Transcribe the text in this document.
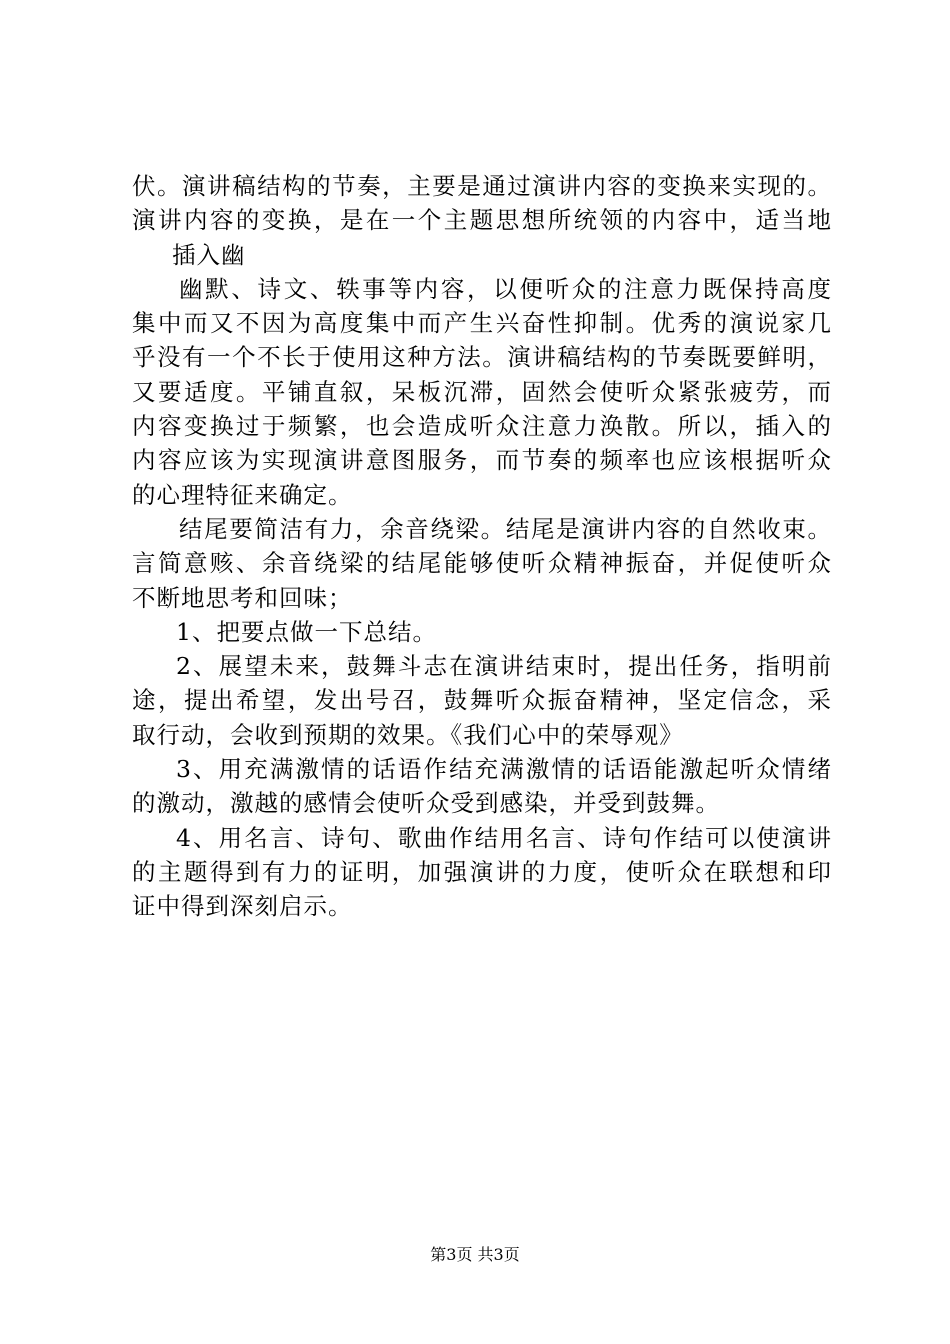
伏。演讲稿结构的节奏，主要是通过演讲内容的变换来实现的。
演讲内容的变换，是在一个主题思想所统领的内容中，适当地
插入幽
幽默、诗文、轶事等内容，以便听众的注意力既保持高度
集中而又不因为高度集中而产生兴奋性抑制。优秀的演说家几
乎没有一个不长于使用这种方法。演讲稿结构的节奏既要鲜明，
又要适度。平铺直叙，呆板沉滞，固然会使听众紧张疲劳，而
内容变换过于频繁，也会造成听众注意力涣散。所以，插入的
内容应该为实现演讲意图服务，而节奏的频率也应该根据听众
的心理特征来确定。
结尾要简洁有力，余音绕梁。结尾是演讲内容的自然收束。
言简意赅、余音绕梁的结尾能够使听众精神振奋，并促使听众
不断地思考和回味；
1、把要点做一下总结。
2、展望未来，鼓舞斗志在演讲结束时，提出任务，指明前
途，提出希望，发出号召，鼓舞听众振奋精神，坚定信念，采
取行动，会收到预期的效果。《我们心中的荣辱观》
3、用充满激情的话语作结充满激情的话语能激起听众情绪
的激动，激越的感情会使听众受到感染，并受到鼓舞。
4、用名言、诗句、歌曲作结用名言、诗句作结可以使演讲
的主题得到有力的证明，加强演讲的力度，使听众在联想和印
证中得到深刻启示。
第3页 共3页
